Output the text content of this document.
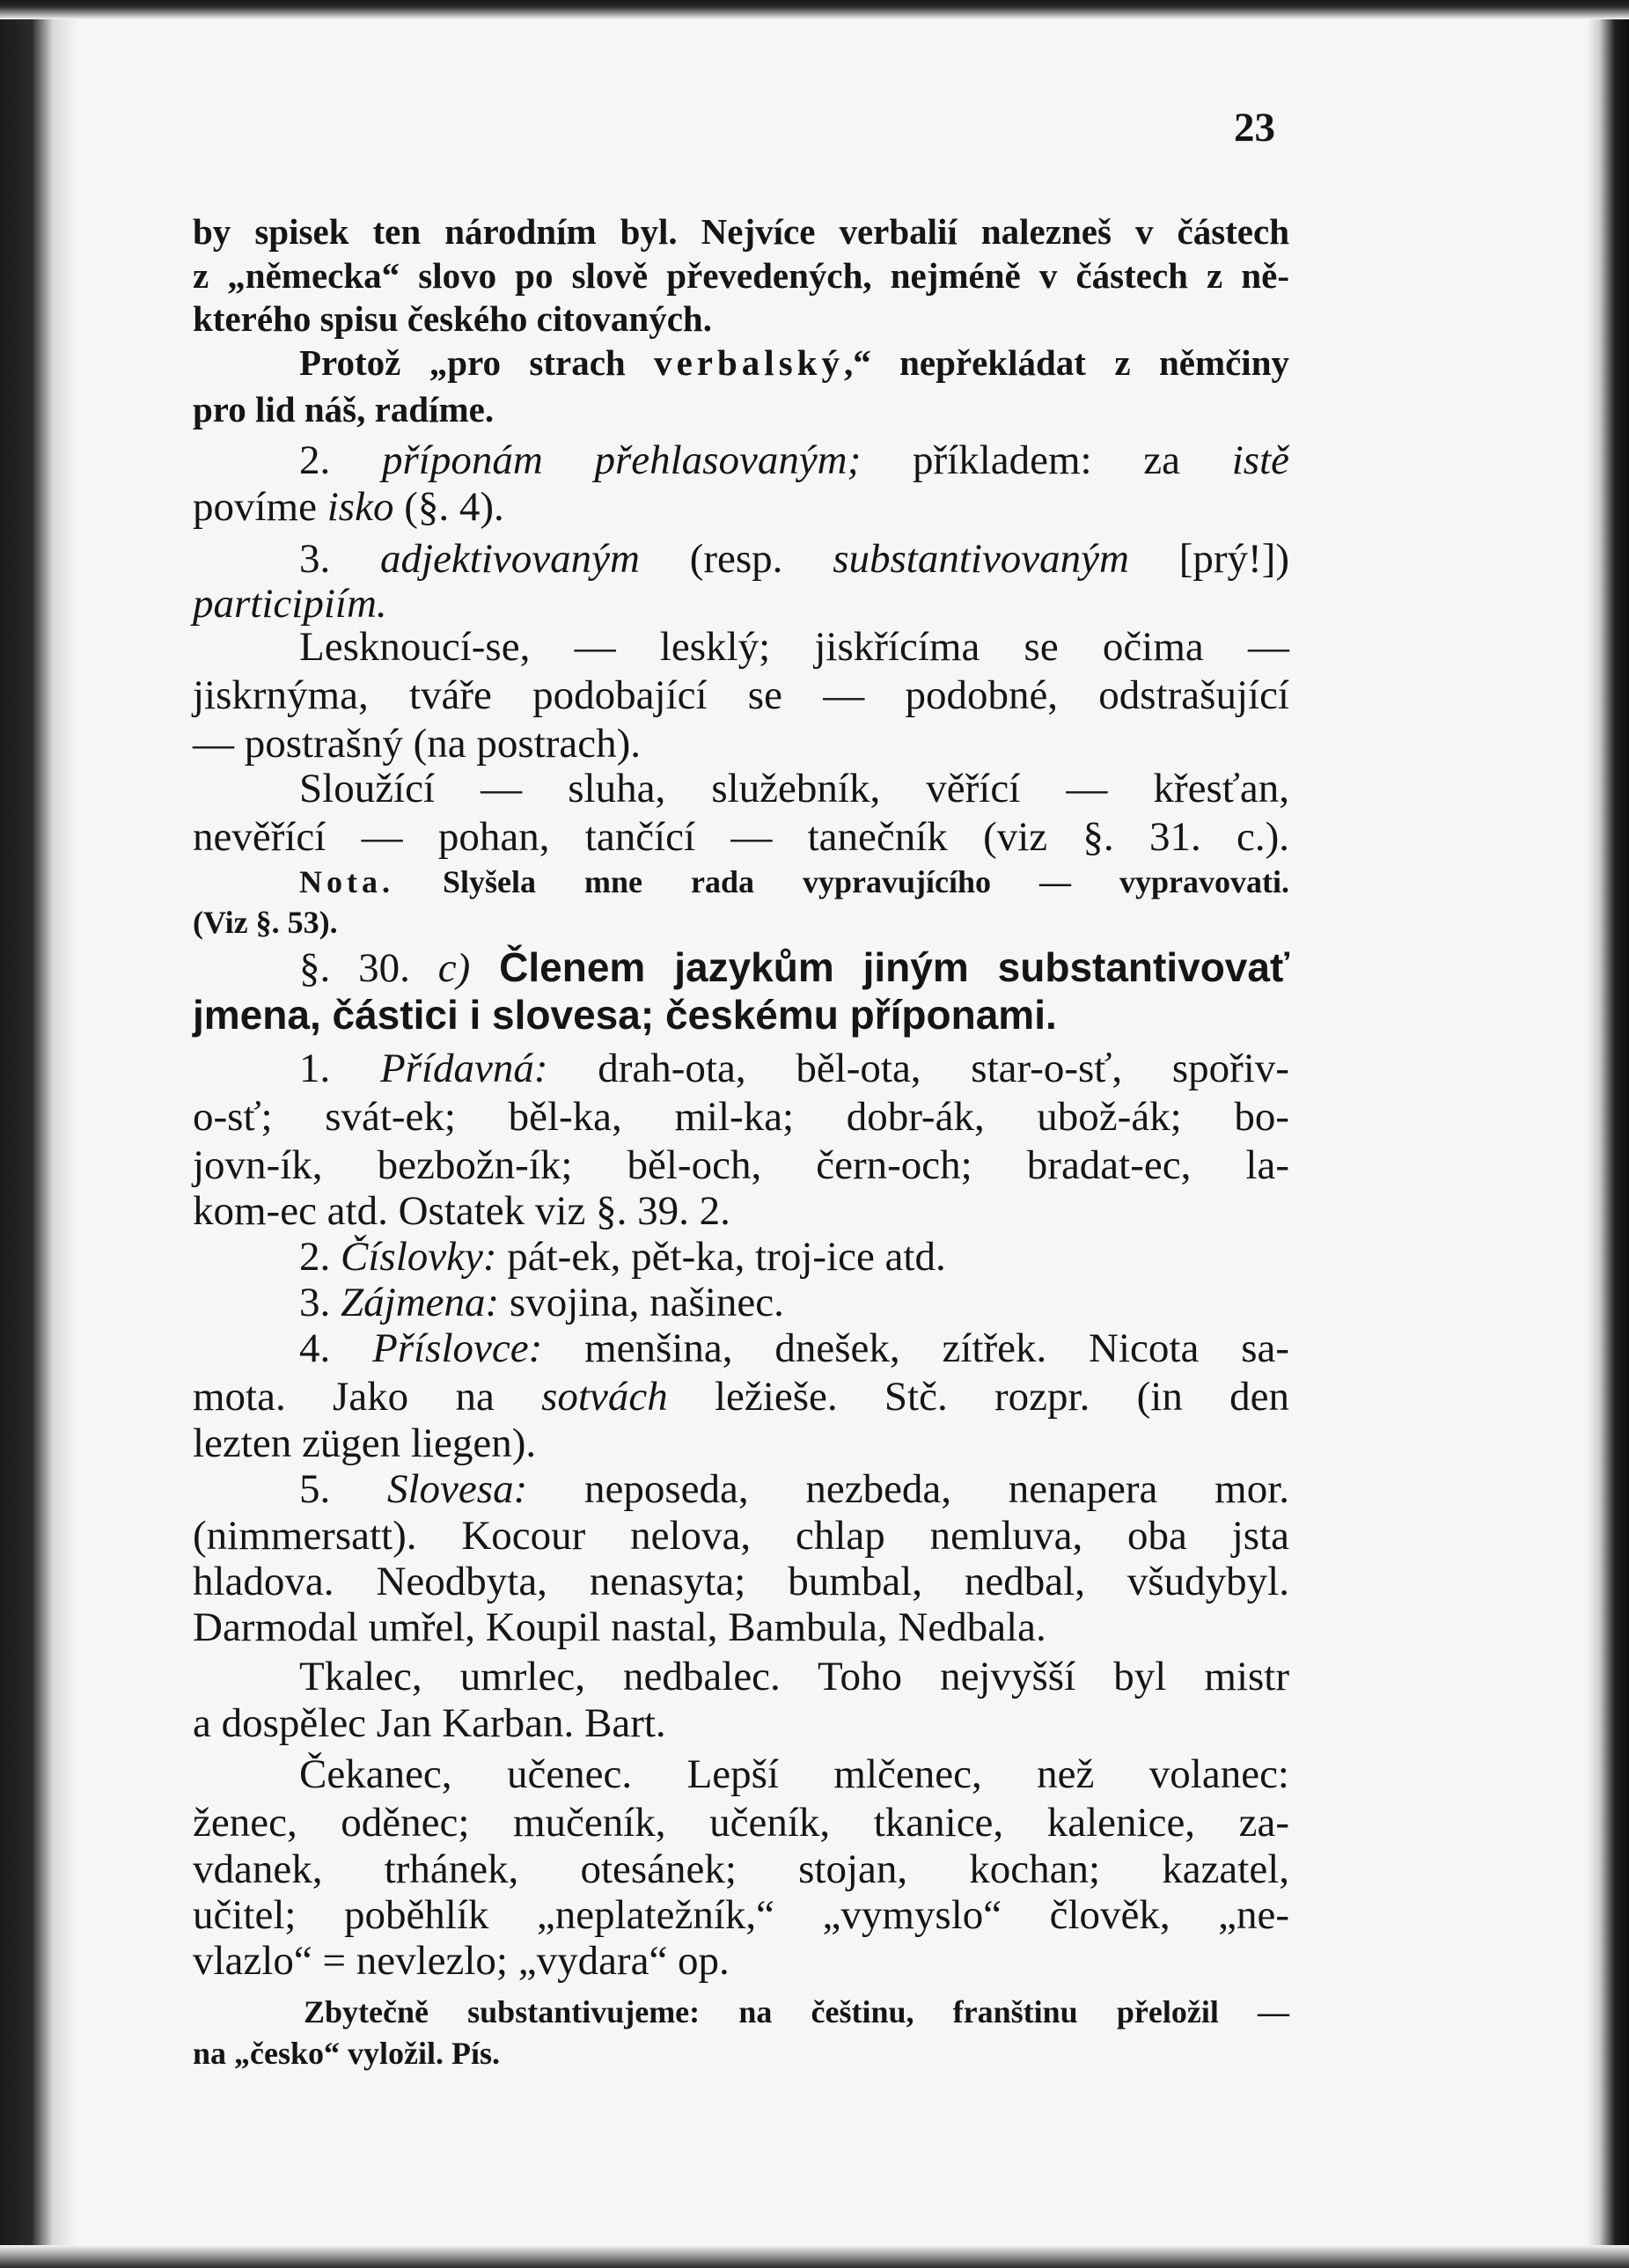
23
by spisek ten národním byl. Nejvíce verbalií nalezneš v částech
z „německa“ slovo po slově převedených, nejméně v částech z ně-
kterého spisu českého citovaných.
Protož „pro strach verbalský,“ nepřekládat z němčiny
pro lid náš, radíme.
2. příponám přehlasovaným; příkladem: za istě
povíme isko (§. 4).
3. adjektivovaným (resp. substantivovaným [prý!])
participiím.
Lesknoucí-se, — lesklý; jiskřícíma se očima —
jiskrnýma, tváře podobající se — podobné, odstrašující
— postrašný (na postrach).
Sloužící — sluha, služebník, věřící — křesťan,
nevěřící — pohan, tančící — tanečník (viz §. 31. c.).
Nota. Slyšela mne rada vypravujícího — vypravovati.
(Viz §. 53).
§. 30. c) Členem jazykům jiným substantivovať
jmena, částici i slovesa; českému příponami.
1. Přídavná: drah-ota, běl-ota, star-o-sť, spořiv-
o-sť; svát-ek; běl-ka, mil-ka; dobr-ák, ubož-ák; bo-
jovn-ík, bezbožn-ík; běl-och, čern-och; bradat-ec, la-
kom-ec atd. Ostatek viz §. 39. 2.
2. Číslovky: pát-ek, pět-ka, troj-ice atd.
3. Zájmena: svojina, našinec.
4. Příslovce: menšina, dnešek, zítřek. Nicota sa-
mota. Jako na sotvách ležieše. Stč. rozpr. (in den
lezten zügen liegen).
5. Slovesa: neposeda, nezbeda, nenapera mor.
(nimmersatt). Kocour nelova, chlap nemluva, oba jsta
hladova. Neodbyta, nenasyta; bumbal, nedbal, všudybyl.
Darmodal umřel, Koupil nastal, Bambula, Nedbala.
Tkalec, umrlec, nedbalec. Toho nejvyšší byl mistr
a dospělec Jan Karban. Bart.
Čekanec, učenec. Lepší mlčenec, než volanec:
ženec, oděnec; mučeník, učeník, tkanice, kalenice, za-
vdanek, trhánek, otesánek; stojan, kochan; kazatel,
učitel; poběhlík „neplatežník,“ „vymyslo“ člověk, „ne-
vlazlo“ = nevlezlo; „vydara“ op.
Zbytečně substantivujeme: na češtinu, franštinu přeložil —
na „česko“ vyložil. Pís.
